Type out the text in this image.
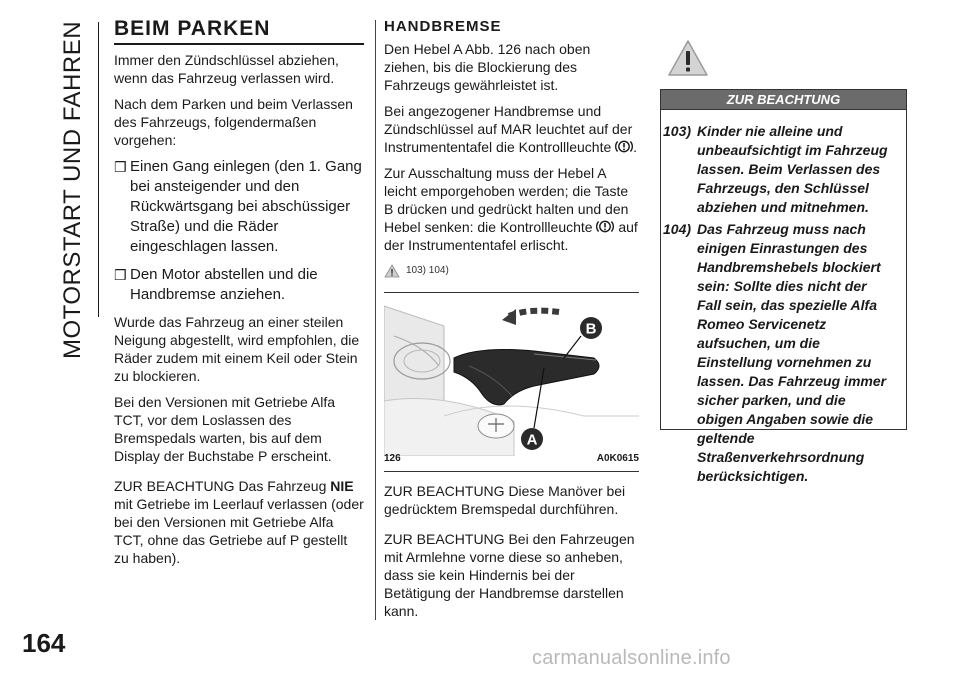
MOTORSTART UND FAHREN
164
BEIM PARKEN

Immer den Zündschlüssel abziehen, wenn das Fahrzeug verlassen wird.

Nach dem Parken und beim Verlassen des Fahrzeugs, folgendermaßen vorgehen:

❒ Einen Gang einlegen (den 1. Gang bei ansteigender und den Rückwärtsgang bei abschüssiger Straße) und die Räder eingeschlagen lassen.
❒ Den Motor abstellen und die Handbremse anziehen.

Wurde das Fahrzeug an einer steilen Neigung abgestellt, wird empfohlen, die Räder zudem mit einem Keil oder Stein zu blockieren.

Bei den Versionen mit Getriebe Alfa TCT, vor dem Loslassen des Bremspedals warten, bis auf dem Display der Buchstabe P erscheint.

ZUR BEACHTUNG Das Fahrzeug NIE mit Getriebe im Leerlauf verlassen (oder bei den Versionen mit Getriebe Alfa TCT, ohne das Getriebe auf P gestellt zu haben).

HANDBREMSE

Den Hebel A Abb. 126 nach oben ziehen, bis die Blockierung des Fahrzeugs gewährleistet ist.

Bei angezogener Handbremse und Zündschlüssel auf MAR leuchtet auf der Instrumententafel die Kontrollleuchte .

Zur Ausschaltung muss der Hebel A leicht emporgehoben werden; die Taste B drücken und gedrückt halten und den Hebel senken: die Kontrollleuchte  auf der Instrumententafel erlischt.

103) 104)
B
A
126	A0K0615

ZUR BEACHTUNG Diese Manöver bei gedrücktem Bremspedal durchführen.

ZUR BEACHTUNG Bei den Fahrzeugen mit Armlehne vorne diese so anheben, dass sie kein Hindernis bei der Betätigung der Handbremse darstellen kann.

ZUR BEACHTUNG
103) Kinder nie alleine und unbeaufsichtigt im Fahrzeug lassen. Beim Verlassen des Fahrzeugs, den Schlüssel abziehen und mitnehmen.
104) Das Fahrzeug muss nach einigen Einrastungen des Handbremshebels blockiert sein: Sollte dies nicht der Fall sein, das spezielle Alfa Romeo Servicenetz aufsuchen, um die Einstellung vornehmen zu lassen. Das Fahrzeug immer sicher parken, und die obigen Angaben sowie die geltende Straßenverkehrsordnung berücksichtigen.
carmanualsonline.info
